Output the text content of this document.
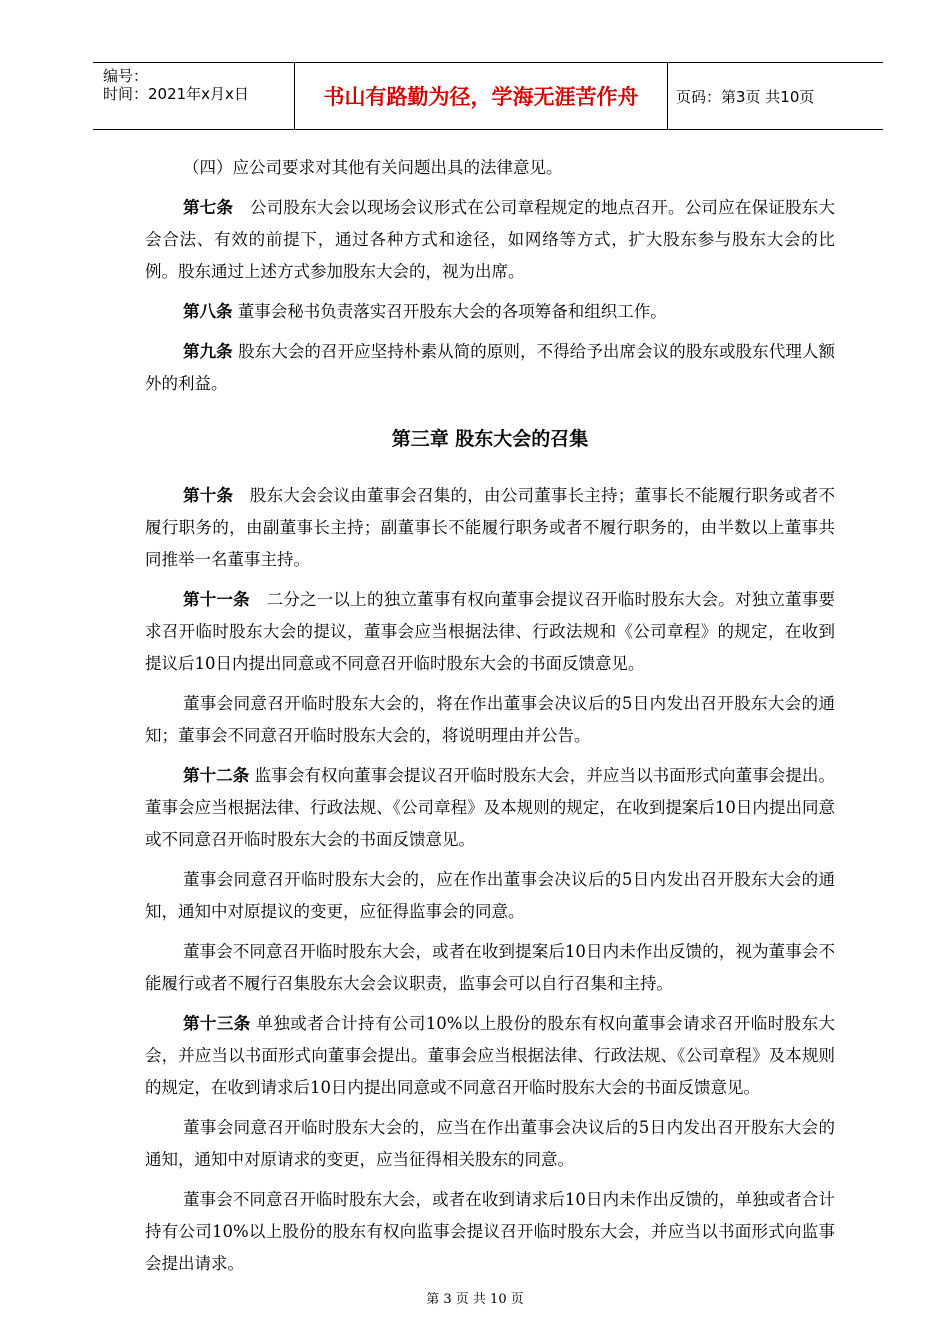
编号：
时间：2021年x月x日	书山有路勤为径，学海无涯苦作舟	页码：第3页 共10页

（四）应公司要求对其他有关问题出具的法律意见。

第七条　公司股东大会以现场会议形式在公司章程规定的地点召开。公司应在保证股东大会合法、有效的前提下，通过各种方式和途径，如网络等方式，扩大股东参与股东大会的比例。股东通过上述方式参加股东大会的，视为出席。

第八条 董事会秘书负责落实召开股东大会的各项筹备和组织工作。

第九条 股东大会的召开应坚持朴素从简的原则，不得给予出席会议的股东或股东代理人额外的利益。

第三章 股东大会的召集

第十条　股东大会会议由董事会召集的，由公司董事长主持；董事长不能履行职务或者不履行职务的，由副董事长主持；副董事长不能履行职务或者不履行职务的，由半数以上董事共同推举一名董事主持。

第十一条　二分之一以上的独立董事有权向董事会提议召开临时股东大会。对独立董事要求召开临时股东大会的提议，董事会应当根据法律、行政法规和《公司章程》的规定，在收到提议后10日内提出同意或不同意召开临时股东大会的书面反馈意见。

董事会同意召开临时股东大会的，将在作出董事会决议后的5日内发出召开股东大会的通知；董事会不同意召开临时股东大会的，将说明理由并公告。

第十二条 监事会有权向董事会提议召开临时股东大会，并应当以书面形式向董事会提出。董事会应当根据法律、行政法规、《公司章程》及本规则的规定，在收到提案后10日内提出同意或不同意召开临时股东大会的书面反馈意见。

董事会同意召开临时股东大会的，应在作出董事会决议后的5日内发出召开股东大会的通知，通知中对原提议的变更，应征得监事会的同意。

董事会不同意召开临时股东大会，或者在收到提案后10日内未作出反馈的，视为董事会不能履行或者不履行召集股东大会会议职责，监事会可以自行召集和主持。

第十三条 单独或者合计持有公司10%以上股份的股东有权向董事会请求召开临时股东大会，并应当以书面形式向董事会提出。董事会应当根据法律、行政法规、《公司章程》及本规则的规定，在收到请求后10日内提出同意或不同意召开临时股东大会的书面反馈意见。

董事会同意召开临时股东大会的，应当在作出董事会决议后的5日内发出召开股东大会的通知，通知中对原请求的变更，应当征得相关股东的同意。

董事会不同意召开临时股东大会，或者在收到请求后10日内未作出反馈的，单独或者合计持有公司10%以上股份的股东有权向监事会提议召开临时股东大会，并应当以书面形式向监事会提出请求。

第 3 页 共 10 页
